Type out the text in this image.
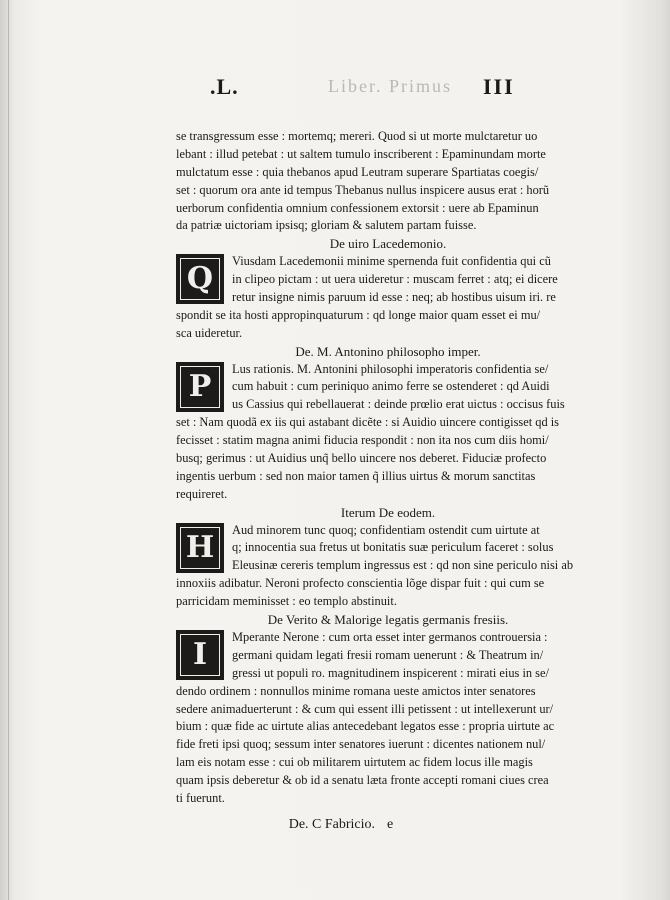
.L.	Liber. Primus III
se transgressum esse : mortemq; mereri. Quod si ut morte mulctaretur uo
lebant : illud petebat : ut saltem tumulo inscriberent : Epaminundam morte
mulctatum esse : quia thebanos apud Leutram superare Spartiatas coegis/
set : quorum ora ante id tempus Thebanus nullus inspicere ausus erat : horũ
uerborum confidentia omnium confessionem extorsit : uere ab Epaminun
da patriæ uictoriam ipsisq; gloriam & salutem partam fuisse.
De uiro Lacedemonio.
Q
Viusdam Lacedemonii minime spernenda fuit confidentia qui cũ
in clipeo pictam : ut uera uideretur : muscam ferret : atq; ei dicere
retur insigne nimis paruum id esse : neq; ab hostibus uisum iri. re
spondit se ita hosti appropinquaturum : qd longe maior quam esset ei mu/
sca uideretur.
De. M. Antonino philosopho imper.
P
Lus rationis. M. Antonini philosophi imperatoris confidentia se/
cum habuit : cum periniquo animo ferre se ostenderet : qd Auidi
us Cassius qui rebellauerat : deinde prœlio erat uictus : occisus fuis
set : Nam quodã ex iis qui astabant dicẽte : si Auidio uincere contigisset qd is
fecisset : statim magna animi fiducia respondit : non ita nos cum diis homi/
busq; gerimus : ut Auidius unq̃ bello uincere nos deberet. Fiduciæ profecto
ingentis uerbum : sed non maior tamen q̃ illius uirtus & morum sanctitas
requireret.
Iterum De eodem.
H
Aud minorem tunc quoq; confidentiam ostendit cum uirtute at
q; innocentia sua fretus ut bonitatis suæ periculum faceret : solus
Eleusinæ cereris templum ingressus est : qd non sine periculo nisi ab
innoxiis adibatur. Neroni profecto conscientia lõge dispar fuit : qui cum se
parricidam meminisset : eo templo abstinuit.
De Verito & Malorige legatis germanis fresiis.
I
Mperante Nerone : cum orta esset inter germanos controuersia :
germani quidam legati fresii romam uenerunt : & Theatrum in/
gressi ut populi ro. magnitudinem inspicerent : mirati eius in se/
dendo ordinem : nonnullos minime romana ueste amictos inter senatores
sedere animaduerterunt : & cum qui essent illi petissent : ut intellexerunt ur/
bium : quæ fide ac uirtute alias antecedebant legatos esse : propria uirtute ac
fide freti ipsi quoq; sessum inter senatores iuerunt : dicentes nationem nul/
lam eis notam esse : cui ob militarem uirtutem ac fidem locus ille magis
quam ipsis deberetur & ob id a senatu læta fronte accepti romani ciues crea
ti fuerunt.
De. C Fabricio. e
